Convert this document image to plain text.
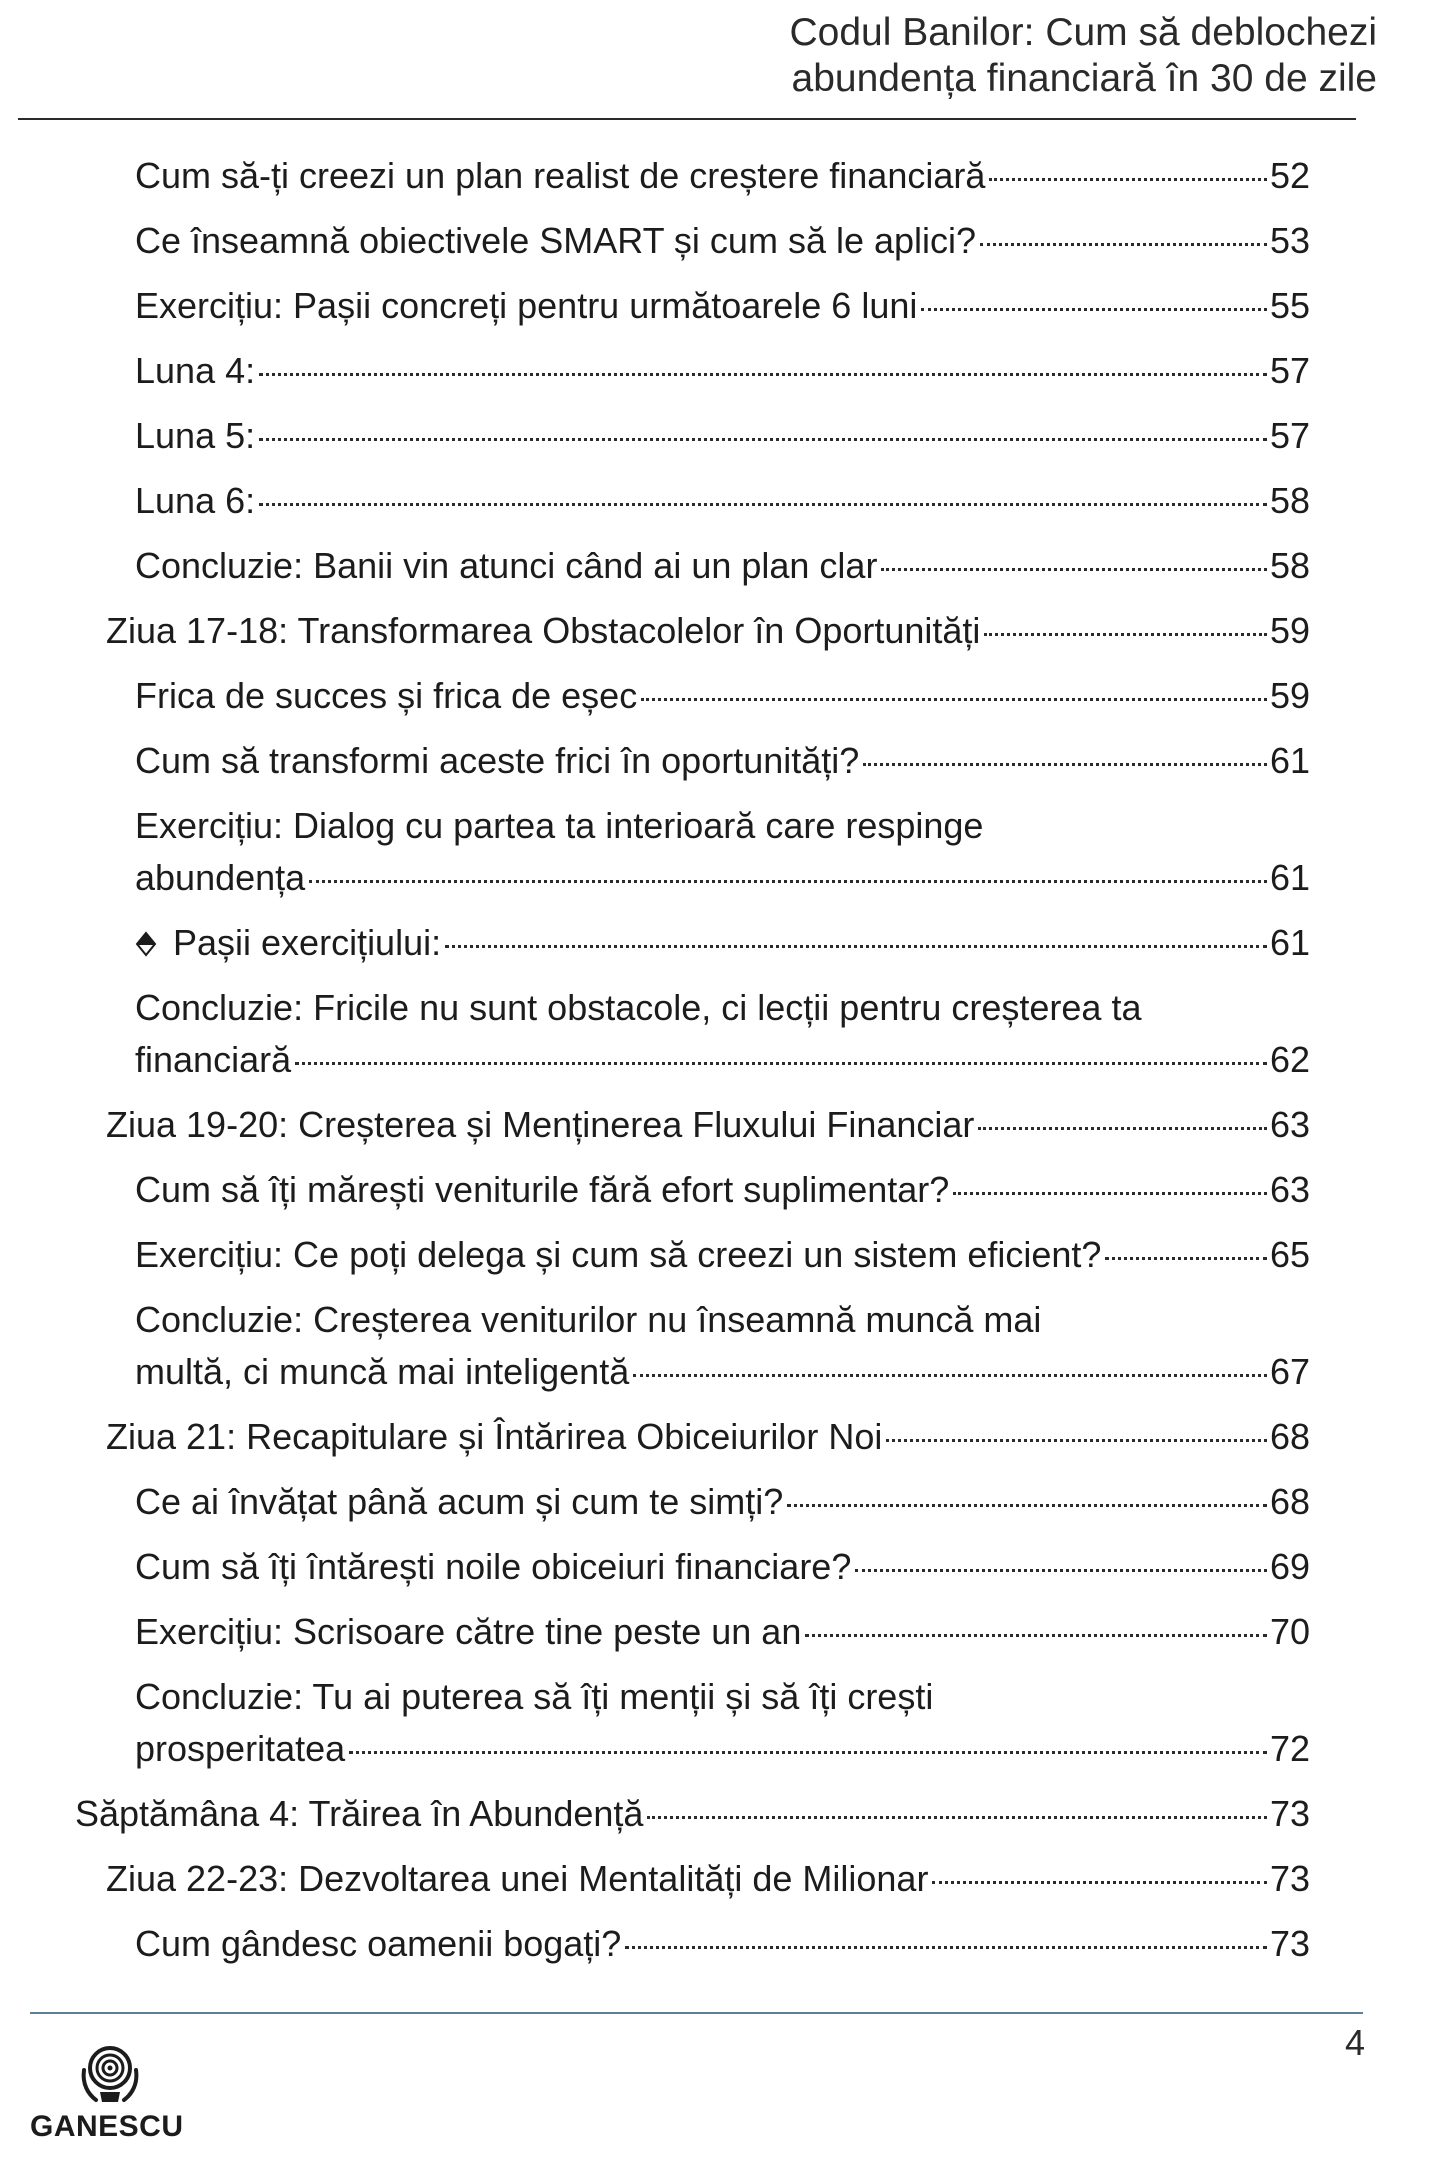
Codul Banilor: Cum să deblochezi
abundența financiară în 30 de zile
Cum să-ți creezi un plan realist de creștere financiară	52
Ce înseamnă obiectivele SMART și cum să le aplici?	53
Exercițiu: Pașii concreți pentru următoarele 6 luni	55
Luna 4:	57
Luna 5:	57
Luna 6:	58
Concluzie: Banii vin atunci când ai un plan clar	58
Ziua 17-18: Transformarea Obstacolelor în Oportunități	59
Frica de succes și frica de eșec	59
Cum să transformi aceste frici în oportunități?	61
Exercițiu: Dialog cu partea ta interioară care respinge
abundența	61
Pașii exercițiului:	61
Concluzie: Fricile nu sunt obstacole, ci lecții pentru creșterea ta
financiară	62
Ziua 19-20: Creșterea și Menținerea Fluxului Financiar	63
Cum să îți mărești veniturile fără efort suplimentar?	63
Exercițiu: Ce poți delega și cum să creezi un sistem eficient?	65
Concluzie: Creșterea veniturilor nu înseamnă muncă mai
multă, ci muncă mai inteligentă	67
Ziua 21: Recapitulare și Întărirea Obiceiurilor Noi	68
Ce ai învățat până acum și cum te simți?	68
Cum să îți întărești noile obiceiuri financiare?	69
Exercițiu: Scrisoare către tine peste un an	70
Concluzie: Tu ai puterea să îți menții și să îți crești
prosperitatea	72
Săptămâna 4: Trăirea în Abundență	73
Ziua 22-23: Dezvoltarea unei Mentalități de Milionar	73
Cum gândesc oamenii bogați?	73
4
GANESCU
